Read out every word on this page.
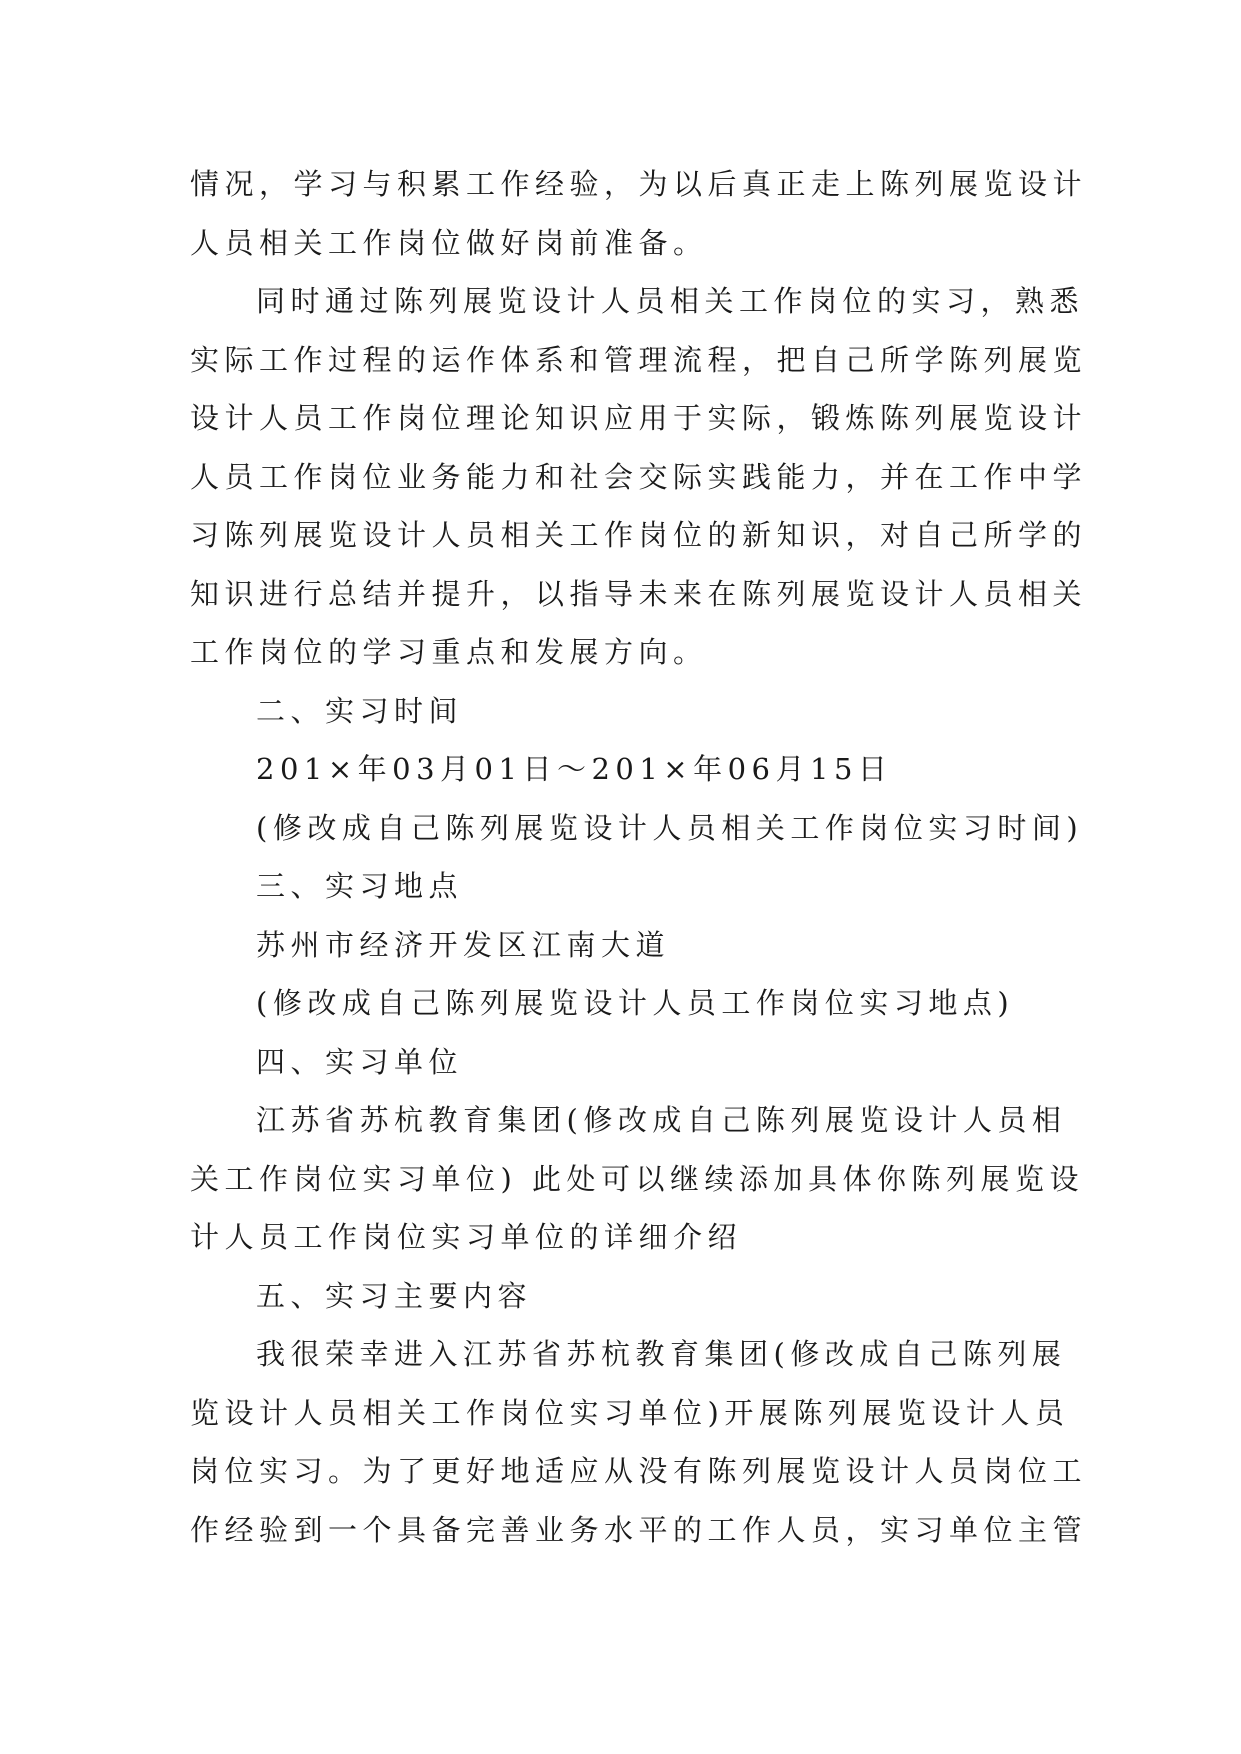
情况，学习与积累工作经验，为以后真正走上陈列展览设计
人员相关工作岗位做好岗前准备。
同时通过陈列展览设计人员相关工作岗位的实习，熟悉
实际工作过程的运作体系和管理流程，把自己所学陈列展览
设计人员工作岗位理论知识应用于实际，锻炼陈列展览设计
人员工作岗位业务能力和社会交际实践能力，并在工作中学
习陈列展览设计人员相关工作岗位的新知识，对自己所学的
知识进行总结并提升，以指导未来在陈列展览设计人员相关
工作岗位的学习重点和发展方向。
二、实习时间
201×年03月01日～201×年06月15日
(修改成自己陈列展览设计人员相关工作岗位实习时间)
三、实习地点
苏州市经济开发区江南大道
(修改成自己陈列展览设计人员工作岗位实习地点)
四、实习单位
江苏省苏杭教育集团(修改成自己陈列展览设计人员相
关工作岗位实习单位) 此处可以继续添加具体你陈列展览设
计人员工作岗位实习单位的详细介绍
五、实习主要内容
我很荣幸进入江苏省苏杭教育集团(修改成自己陈列展
览设计人员相关工作岗位实习单位)开展陈列展览设计人员
岗位实习。为了更好地适应从没有陈列展览设计人员岗位工
作经验到一个具备完善业务水平的工作人员，实习单位主管
